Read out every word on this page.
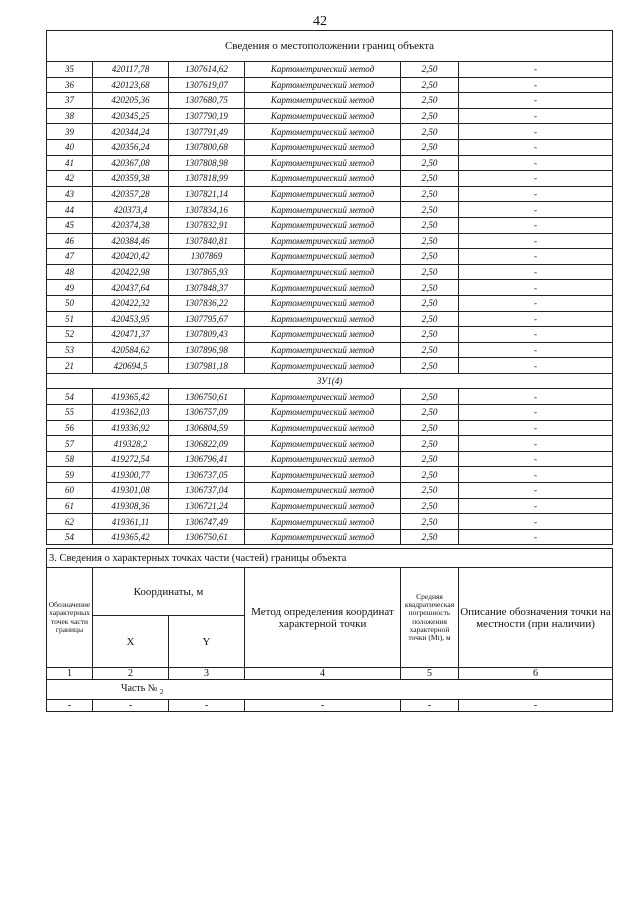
42
Сведения о местоположении границ объекта					
35	420117,78	1307614,62	Картометрический метод	2,50	-
36	420123,68	1307619,07	Картометрический метод	2,50	-
37	420205,36	1307680,75	Картометрический метод	2,50	-
38	420345,25	1307790,19	Картометрический метод	2,50	-
39	420344,24	1307791,49	Картометрический метод	2,50	-
40	420356,24	1307800,68	Картометрический метод	2,50	-
41	420367,08	1307808,98	Картометрический метод	2,50	-
42	420359,38	1307818,99	Картометрический метод	2,50	-
43	420357,28	1307821,14	Картометрический метод	2,50	-
44	420373,4	1307834,16	Картометрический метод	2,50	-
45	420374,38	1307832,91	Картометрический метод	2,50	-
46	420384,46	1307840,81	Картометрический метод	2,50	-
47	420420,42	1307869	Картометрический метод	2,50	-
48	420422,98	1307865,93	Картометрический метод	2,50	-
49	420437,64	1307848,37	Картометрический метод	2,50	-
50	420422,32	1307836,22	Картометрический метод	2,50	-
51	420453,95	1307795,67	Картометрический метод	2,50	-
52	420471,37	1307809,43	Картометрический метод	2,50	-
53	420584,62	1307896,98	Картометрический метод	2,50	-
21	420694,5	1307981,18	Картометрический метод	2,50	-
ЗУ1(4)					
54	419365,42	1306750,61	Картометрический метод	2,50	-
55	419362,03	1306757,09	Картометрический метод	2,50	-
56	419336,92	1306804,59	Картометрический метод	2,50	-
57	419328,2	1306822,09	Картометрический метод	2,50	-
58	419272,54	1306796,41	Картометрический метод	2,50	-
59	419300,77	1306737,05	Картометрический метод	2,50	-
60	419301,08	1306737,04	Картометрический метод	2,50	-
61	419308,36	1306721,24	Картометрический метод	2,50	-
62	419361,11	1306747,49	Картометрический метод	2,50	-
54	419365,42	1306750,61	Картометрический метод	2,50	-
3. Сведения о характерных точках части (частей) границы объекта					
Обозначение характерных точек части границы	Координаты, м		Метод определения координат характерной точки	Средняя квадратическая погрешность положения характерной точки (Мt), м	Описание обозначения точки на местности (при наличии)
	X	Y			
1	2	3	4	5	6
Часть № $_2$
-	-	-	-	-	-
